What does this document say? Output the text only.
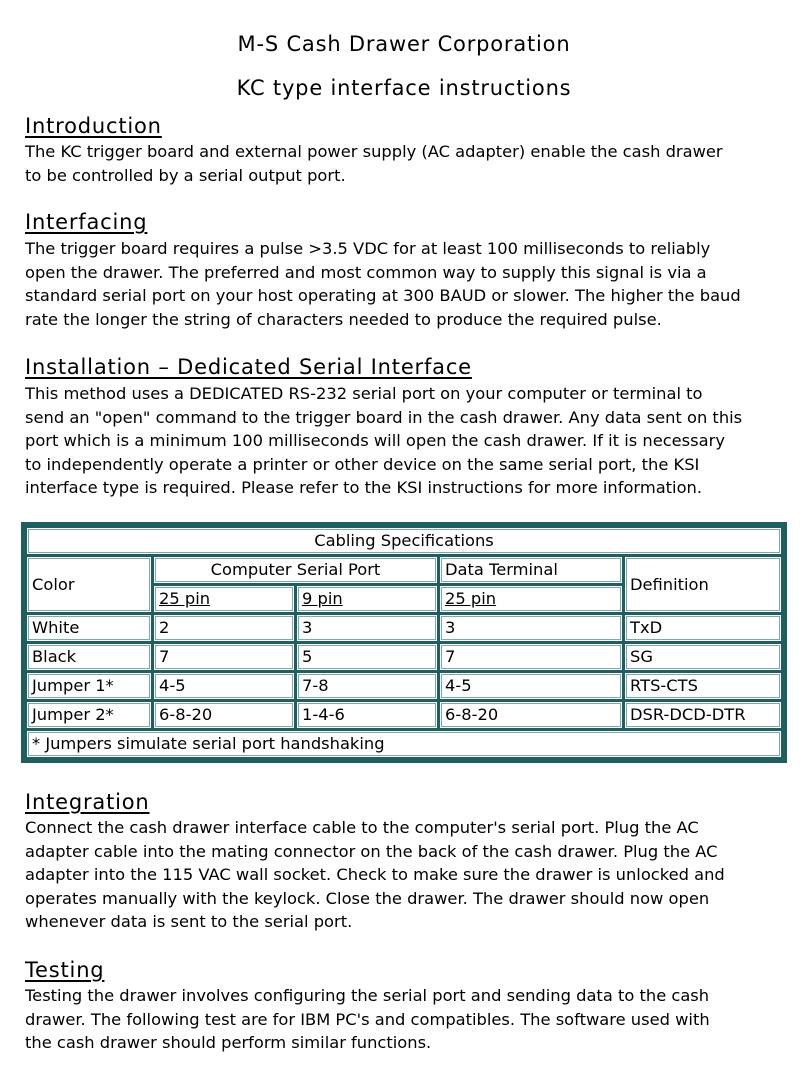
M-S Cash Drawer Corporation
KC type interface instructions
Introduction

The KC trigger board and external power supply (AC adapter) enable the cash drawer
to be controlled by a serial output port.

Interfacing

The trigger board requires a pulse >3.5 VDC for at least 100 milliseconds to reliably
open the drawer. The preferred and most common way to supply this signal is via a
standard serial port on your host operating at 300 BAUD or slower. The higher the baud
rate the longer the string of characters needed to produce the required pulse.

Installation – Dedicated Serial Interface

This method uses a DEDICATED RS-232 serial port on your computer or terminal to
send an "open" command to the trigger board in the cash drawer. Any data sent on this
port which is a minimum 100 milliseconds will open the cash drawer. If it is necessary
to independently operate a printer or other device on the same serial port, the KSI
interface type is required. Please refer to the KSI instructions for more information.

Cabling Specifications				
Color	Computer Serial Port		Data Terminal	Definition
	25 pin	9 pin	25 pin	
White	2	3	3	TxD
Black	7	5	7	SG
Jumper 1*	4-5	7-8	4-5	RTS-CTS
Jumper 2*	6-8-20	1-4-6	6-8-20	DSR-DCD-DTR
* Jumpers simulate serial port handshaking				
Integration

Connect the cash drawer interface cable to the computer's serial port. Plug the AC
adapter cable into the mating connector on the back of the cash drawer. Plug the AC
adapter into the 115 VAC wall socket. Check to make sure the drawer is unlocked and
operates manually with the keylock. Close the drawer. The drawer should now open
whenever data is sent to the serial port.

Testing

Testing the drawer involves configuring the serial port and sending data to the cash
drawer. The following test are for IBM PC's and compatibles. The software used with
the cash drawer should perform similar functions.
